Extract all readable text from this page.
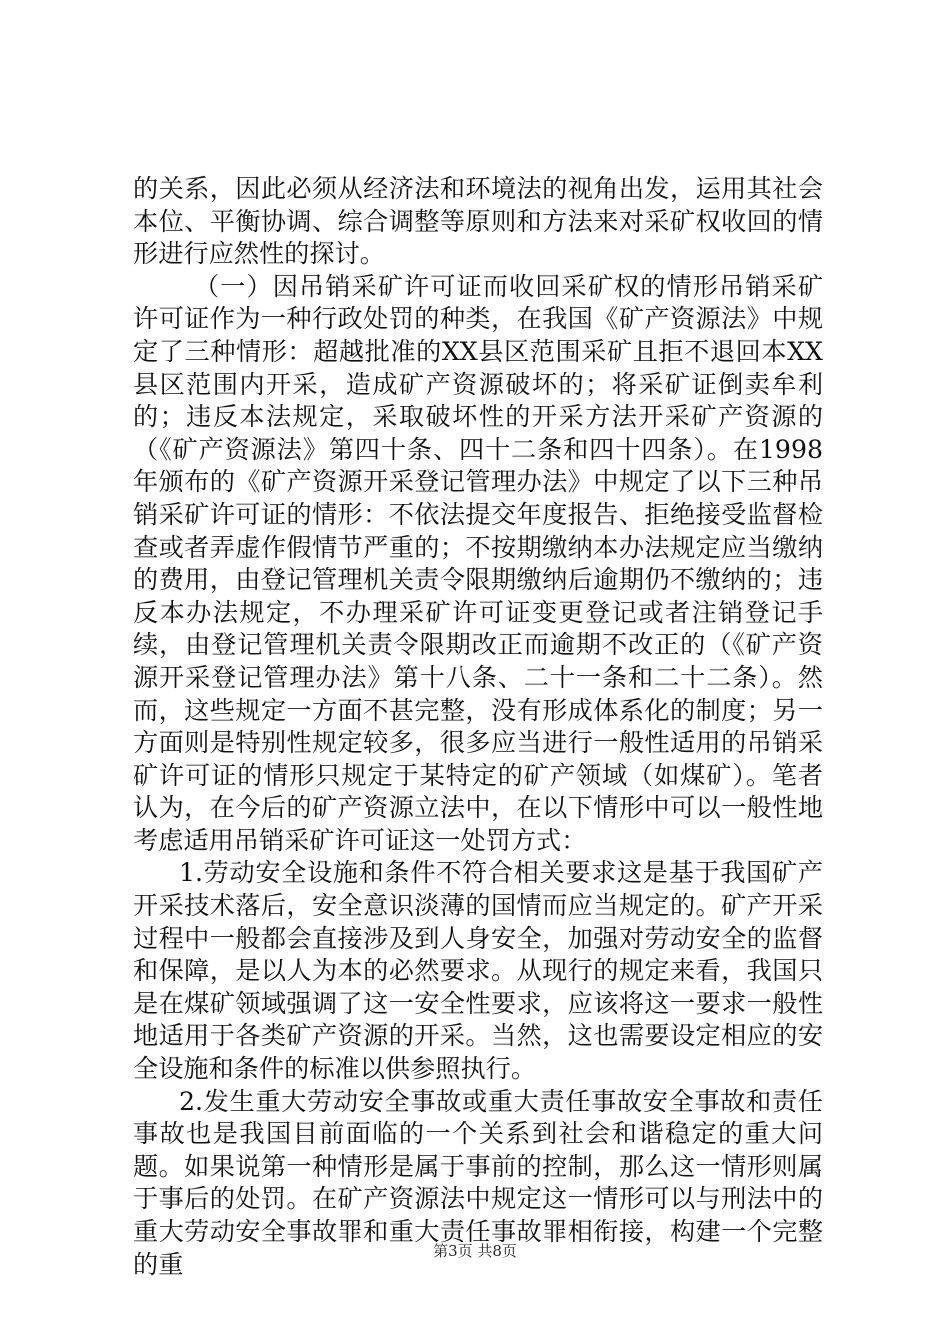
的关系，因此必须从经济法和环境法的视角出发，运用其社会本位、平衡协调、综合调整等原则和方法来对采矿权收回的情形进行应然性的探讨。

（一）因吊销采矿许可证而收回采矿权的情形吊销采矿许可证作为一种行政处罚的种类，在我国《矿产资源法》中规定了三种情形：超越批准的XX县区范围采矿且拒不退回本XX县区范围内开采，造成矿产资源破坏的；将采矿证倒卖牟利的；违反本法规定，采取破坏性的开采方法开采矿产资源的（《矿产资源法》第四十条、四十二条和四十四条）。在1998年颁布的《矿产资源开采登记管理办法》中规定了以下三种吊销采矿许可证的情形：不依法提交年度报告、拒绝接受监督检查或者弄虚作假情节严重的；不按期缴纳本办法规定应当缴纳的费用，由登记管理机关责令限期缴纳后逾期仍不缴纳的；违反本办法规定，不办理采矿许可证变更登记或者注销登记手续，由登记管理机关责令限期改正而逾期不改正的（《矿产资源开采登记管理办法》第十八条、二十一条和二十二条）。然而，这些规定一方面不甚完整，没有形成体系化的制度；另一方面则是特别性规定较多，很多应当进行一般性适用的吊销采矿许可证的情形只规定于某特定的矿产领域（如煤矿）。笔者认为，在今后的矿产资源立法中，在以下情形中可以一般性地考虑适用吊销采矿许可证这一处罚方式：

1.劳动安全设施和条件不符合相关要求这是基于我国矿产开采技术落后，安全意识淡薄的国情而应当规定的。矿产开采过程中一般都会直接涉及到人身安全，加强对劳动安全的监督和保障，是以人为本的必然要求。从现行的规定来看，我国只是在煤矿领域强调了这一安全性要求，应该将这一要求一般性地适用于各类矿产资源的开采。当然，这也需要设定相应的安全设施和条件的标准以供参照执行。

2.发生重大劳动安全事故或重大责任事故安全事故和责任事故也是我国目前面临的一个关系到社会和谐稳定的重大问题。如果说第一种情形是属于事前的控制，那么这一情形则属于事后的处罚。在矿产资源法中规定这一情形可以与刑法中的重大劳动安全事故罪和重大责任事故罪相衔接，构建一个完整的重	第3页 共8页
